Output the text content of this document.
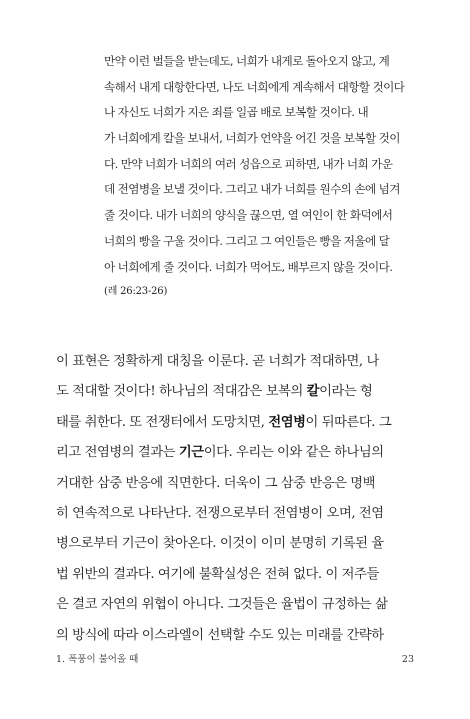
만약 이런 벌들을 받는데도, 너희가 내게로 돌아오지 않고, 계
속해서 내게 대항한다면, 나도 너희에게 계속해서 대항할 것이다
나 자신도 너희가 지은 죄를 일곱 배로 보복할 것이다. 내
가 너희에게 칼을 보내서, 너희가 언약을 어긴 것을 보복할 것이
다. 만약 너희가 너희의 여러 성읍으로 피하면, 내가 너희 가운
데 전염병을 보낼 것이다. 그리고 내가 너희를 원수의 손에 넘겨
줄 것이다. 내가 너희의 양식을 끊으면, 열 여인이 한 화덕에서
너희의 빵을 구울 것이다. 그리고 그 여인들은 빵을 저울에 달
아 너희에게 줄 것이다. 너희가 먹어도, 배부르지 않을 것이다.
(레 26:23-26)
이 표현은 정확하게 대칭을 이룬다. 곧 너희가 적대하면, 나
도 적대할 것이다! 하나님의 적대감은 보복의 칼이라는 형
태를 취한다. 또 전쟁터에서 도망치면, 전염병이 뒤따른다. 그
리고 전염병의 결과는 기근이다. 우리는 이와 같은 하나님의
거대한 삼중 반응에 직면한다. 더욱이 그 삼중 반응은 명백
히 연속적으로 나타난다. 전쟁으로부터 전염병이 오며, 전염
병으로부터 기근이 찾아온다. 이것이 이미 분명히 기록된 율
법 위반의 결과다. 여기에 불확실성은 전혀 없다. 이 저주들
은 결코 자연의 위협이 아니다. 그것들은 율법이 규정하는 삶
의 방식에 따라 이스라엘이 선택할 수도 있는 미래를 간략하
1. 폭풍이 불어올 때	23
